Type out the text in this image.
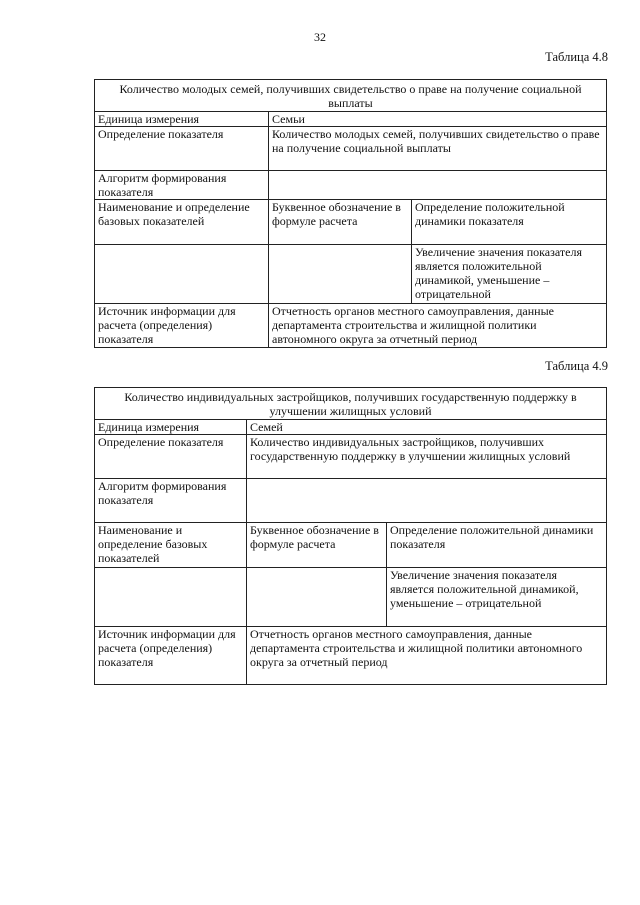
32
Таблица 4.8
Количество молодых семей, получивших свидетельство о праве на получение социальной выплаты		
Единица измерения	Семьи	
Определение показателя	Количество молодых семей, получивших свидетельство о праве на получение социальной выплаты	
Алгоритм формирования показателя		
Наименование и определение базовых показателей	Буквенное обозначение в формуле расчета	Определение положительной динамики показателя
		Увеличение значения показателя является положительной динамикой, уменьшение – отрицательной
Источник информации для расчета (определения) показателя	Отчетность органов местного самоуправления, данные департамента строительства и жилищной политики автономного округа за отчетный период	
Таблица 4.9
Количество индивидуальных застройщиков, получивших государственную поддержку в улучшении жилищных условий		
Единица измерения	Семей	
Определение показателя	Количество индивидуальных застройщиков, получивших государственную поддержку в улучшении жилищных условий	
Алгоритм формирования показателя		
Наименование и определение базовых показателей	Буквенное обозначение в формуле расчета	Определение положительной динамики показателя
		Увеличение значения показателя является положительной динамикой, уменьшение – отрицательной
Источник информации для расчета (определения) показателя	Отчетность органов местного самоуправления, данные департамента строительства и жилищной политики автономного округа за отчетный период	
